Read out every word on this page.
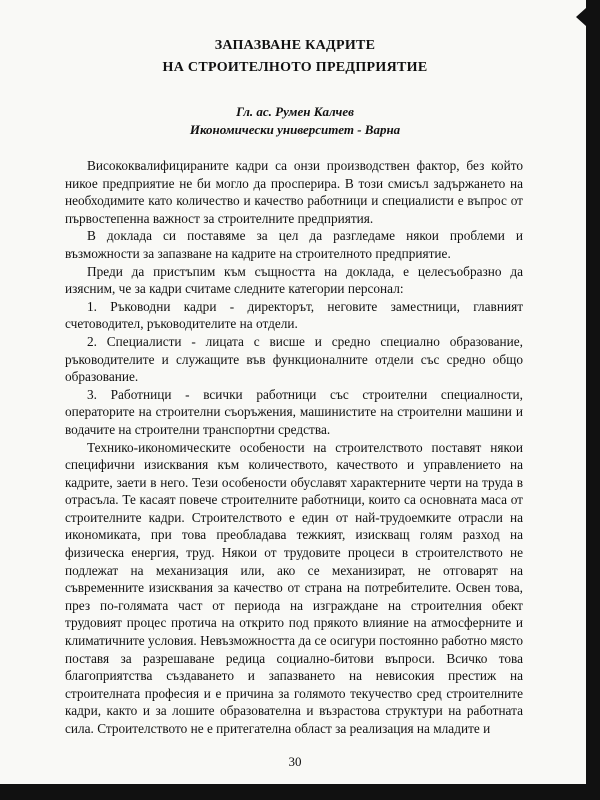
ЗАПАЗВАНЕ КАДРИТЕ
НА СТРОИТЕЛНОТО ПРЕДПРИЯТИЕ
Гл. ас. Румен Калчев
Икономически университет - Варна

Висококвалифицираните кадри са онзи производствен фактор, без който никое предприятие не би могло да просперира. В този смисъл задържането на необходимите като количество и качество работници и специалисти е въпрос от първостепенна важност за строителните предприятия.

В доклада си поставяме за цел да разгледаме някои проблеми и възможности за запазване на кадрите на строителното предприятие.

Преди да пристъпим към същността на доклада, е целесъобразно да изясним, че за кадри считаме следните категории персонал:

1. Ръководни кадри - директорът, неговите заместници, главният счетоводител, ръководителите на отдели.

2. Специалисти - лицата с висше и средно специално образование, ръководителите и служащите във функционалните отдели със средно общо образование.

3. Работници - всички работници със строителни специалности, операторите на строителни съоръжения, машинистите на строителни машини и водачите на строителни транспортни средства.

Технико-икономическите особености на строителството поставят някои специфични изисквания към количеството, качеството и управлението на кадрите, заети в него. Тези особености обуславят характерните черти на труда в отрасъла. Те касаят повече строителните работници, които са основната маса от строителните кадри. Строителството е един от най-трудоемките отрасли на икономиката, при това преобладава тежкият, изискващ голям разход на физическа енергия, труд. Някои от трудовите процеси в строителството не подлежат на механизация или, ако се механизират, не отговарят на съвременните изисквания за качество от страна на потребителите. Освен това, през по-голямата част от периода на изграждане на строителния обект трудовият процес протича на открито под прякото влияние на атмосферните и климатичните условия. Невъзможността да се осигури постоянно работно място поставя за разрешаване редица социално-битови въпроси. Всичко това благоприятства създаването и запазването на невисокия престиж на строителната професия и е причина за голямото текучество сред строителните кадри, както и за лошите образователна и възрастова структури на работната сила. Строителството не е притегателна област за реализация на младите и

30
